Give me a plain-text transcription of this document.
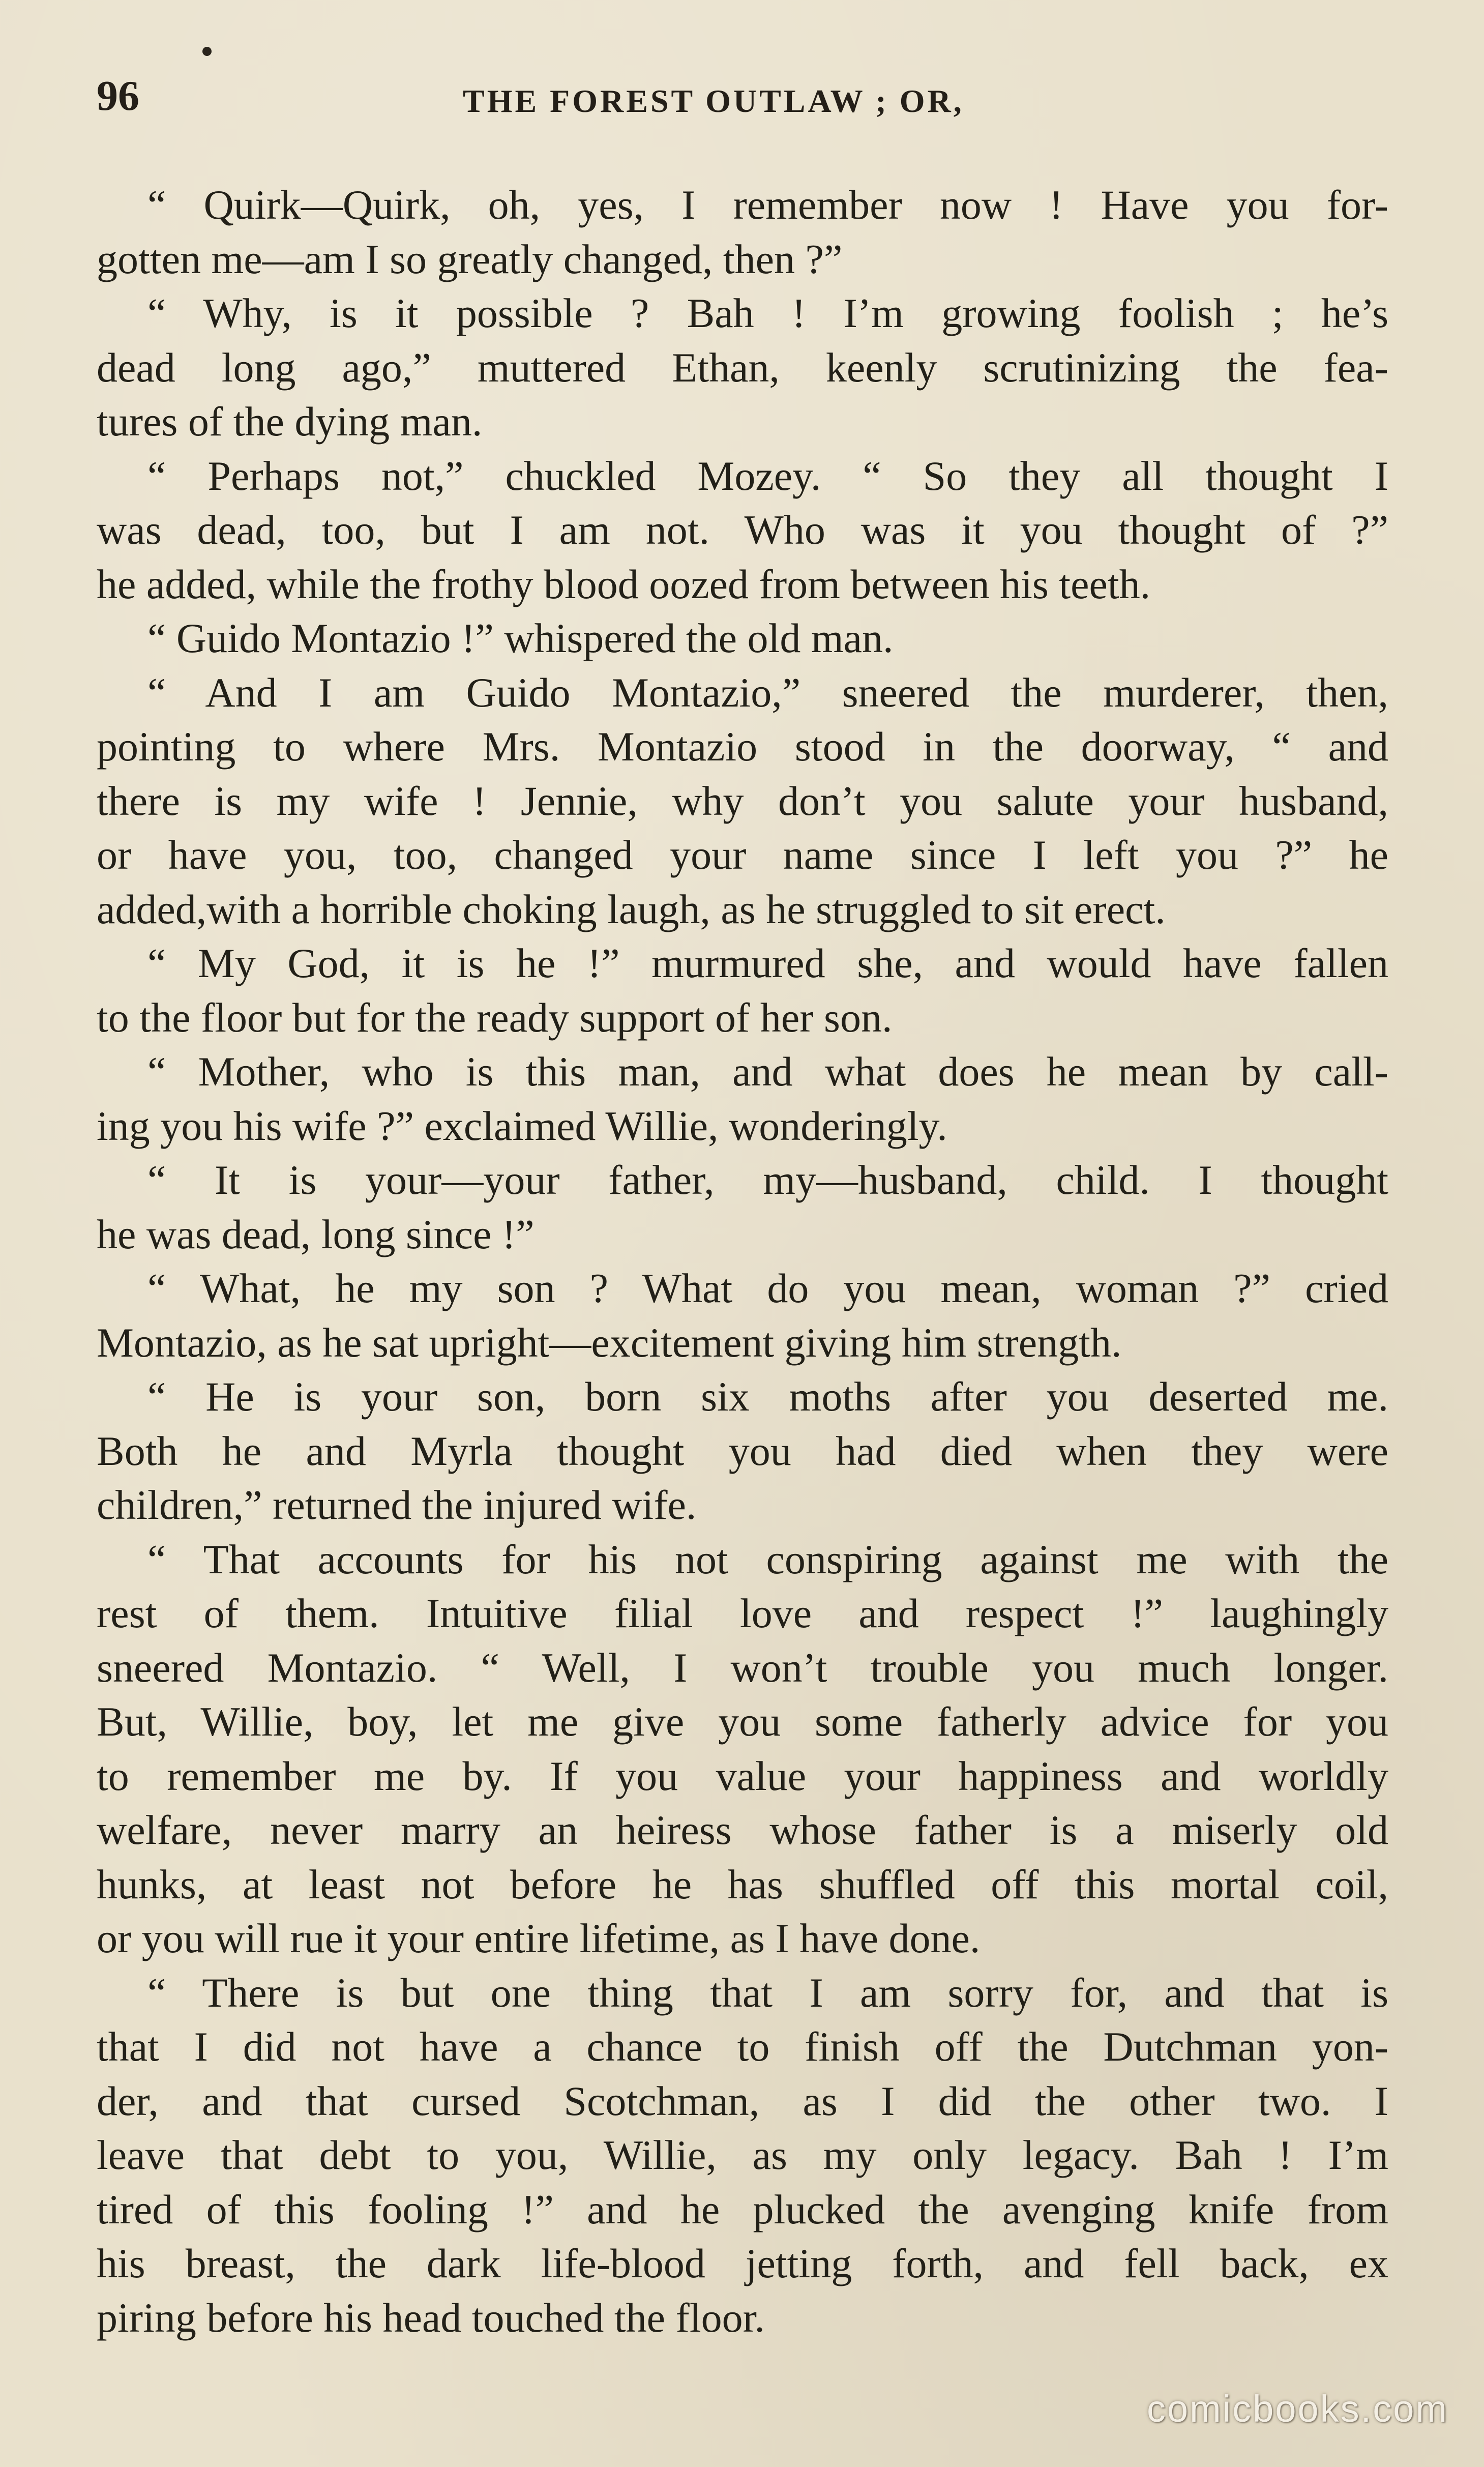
96	THE FOREST OUTLAW ; OR,
“ Quirk—Quirk, oh, yes, I remember now ! Have you for-
gotten me—am I so greatly changed, then ?”
“ Why, is it possible ? Bah ! I’m growing foolish ; he’s
dead long ago,” muttered Ethan, keenly scrutinizing the fea-
tures of the dying man.
“ Perhaps not,” chuckled Mozey. “ So they all thought I
was dead, too, but I am not. Who was it you thought of ?”
he added, while the frothy blood oozed from between his teeth.
“ Guido Montazio !” whispered the old man.
“ And I am Guido Montazio,” sneered the murderer, then,
pointing to where Mrs. Montazio stood in the doorway, “ and
there is my wife ! Jennie, why don’t you salute your husband,
or have you, too, changed your name since I left you ?” he
added,with a horrible choking laugh, as he struggled to sit erect.
“ My God, it is he !” murmured she, and would have fallen
to the floor but for the ready support of her son.
“ Mother, who is this man, and what does he mean by call-
ing you his wife ?” exclaimed Willie, wonderingly.
“ It is your—your father, my—husband, child. I thought
he was dead, long since !”
“ What, he my son ? What do you mean, woman ?” cried
Montazio, as he sat upright—excitement giving him strength.
“ He is your son, born six moths after you deserted me.
Both he and Myrla thought you had died when they were
children,” returned the injured wife.
“ That accounts for his not conspiring against me with the
rest of them. Intuitive filial love and respect !” laughingly
sneered Montazio. “ Well, I won’t trouble you much longer.
But, Willie, boy, let me give you some fatherly advice for you
to remember me by. If you value your happiness and worldly
welfare, never marry an heiress whose father is a miserly old
hunks, at least not before he has shuffled off this mortal coil,
or you will rue it your entire lifetime, as I have done.
“ There is but one thing that I am sorry for, and that is
that I did not have a chance to finish off the Dutchman yon-
der, and that cursed Scotchman, as I did the other two. I
leave that debt to you, Willie, as my only legacy. Bah ! I’m
tired of this fooling !” and he plucked the avenging knife from
his breast, the dark life-blood jetting forth, and fell back, ex
piring before his head touched the floor.
comicbooks.com
